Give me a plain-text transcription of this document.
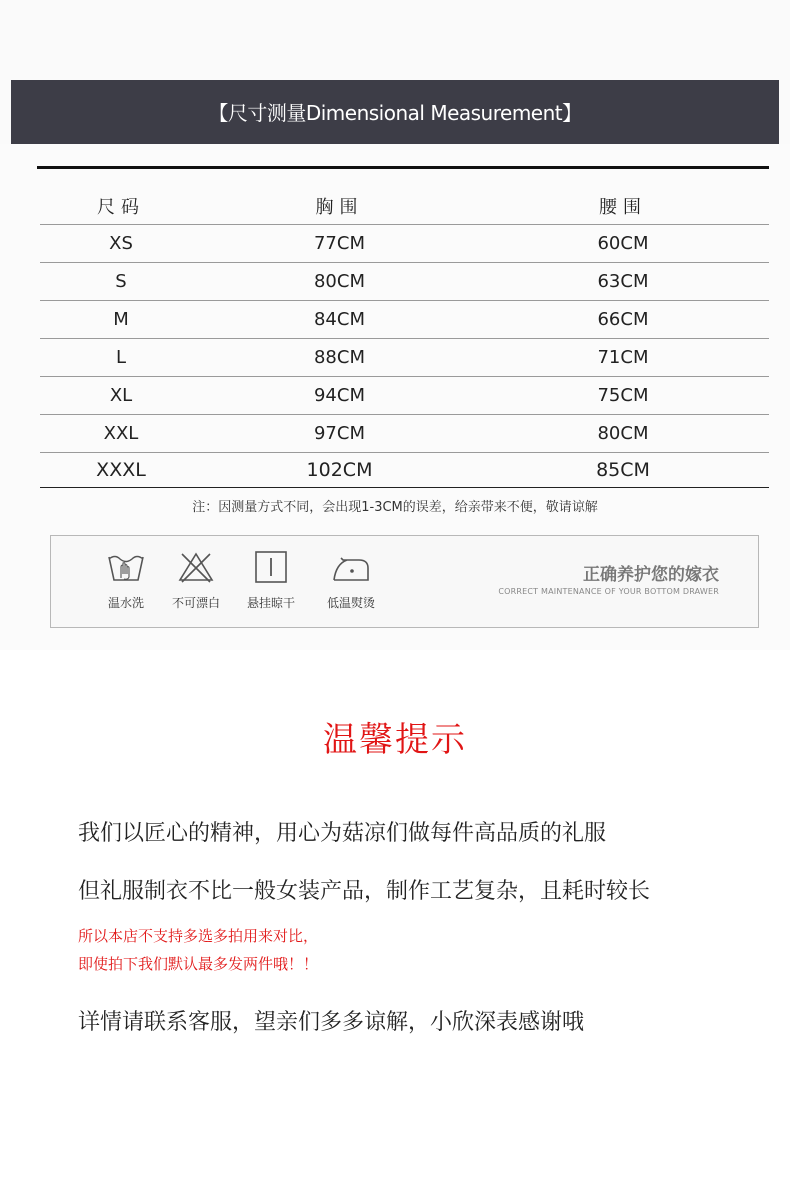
【尺寸测量Dimensional Measurement】
尺码	胸围	腰围
XS	77CM	60CM
S	80CM	63CM
M	84CM	66CM
L	88CM	71CM
XL	94CM	75CM
XXL	97CM	80CM
XXXL	102CM	85CM
注：因测量方式不同，会出现1-3CM的误差，给亲带来不便，敬请谅解
温水洗	不可漂白	悬挂晾干	低温熨烫
正确养护您的嫁衣
CORRECT MAINTENANCE OF YOUR BOTTOM DRAWER
温馨提示
我们以匠心的精神，用心为菇凉们做每件高品质的礼服
但礼服制衣不比一般女装产品，制作工艺复杂，且耗时较长
所以本店不支持多选多拍用来对比，
即使拍下我们默认最多发两件哦！！
详情请联系客服，望亲们多多谅解，小欣深表感谢哦
